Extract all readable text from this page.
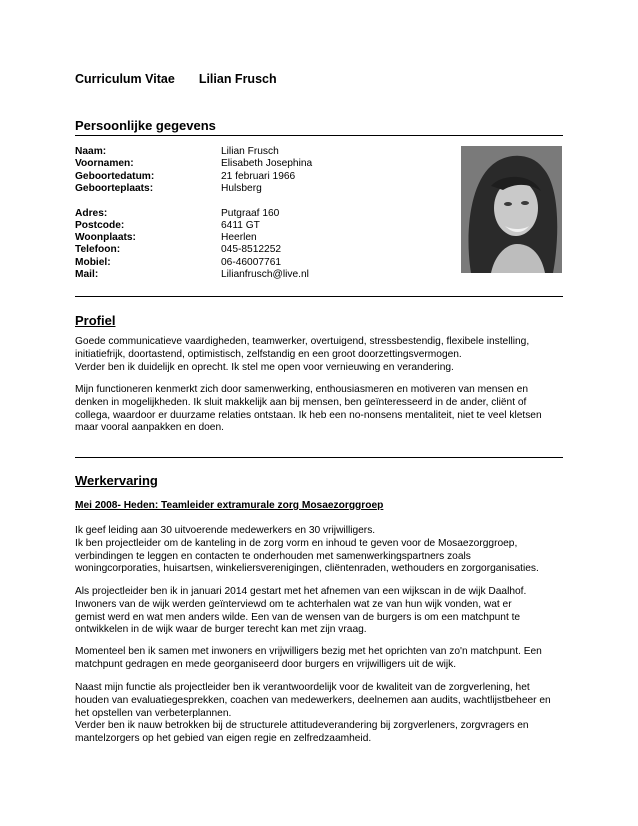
Curriculum Vitae Lilian Frusch
Persoonlijke gegevens
Naam:	Lilian Frusch
Voornamen:	Elisabeth Josephina
Geboortedatum:	21 februari 1966
Geboorteplaats:	Hulsberg
Adres:	Putgraaf 160
Postcode:	6411 GT
Woonplaats:	Heerlen
Telefoon:	045-8512252
Mobiel:	06-46007761
Mail:	Lilianfrusch@live.nl
Profiel
Goede communicatieve vaardigheden, teamwerker, overtuigend, stressbestendig, flexibele instelling,
initiatiefrijk, doortastend, optimistisch, zelfstandig en een groot doorzettingsvermogen.
Verder ben ik duidelijk en oprecht. Ik stel me open voor vernieuwing en verandering.
Mijn functioneren kenmerkt zich door samenwerking, enthousiasmeren en motiveren van mensen en
denken in mogelijkheden. Ik sluit makkelijk aan bij mensen, ben geïnteresseerd in de ander, cliënt of
collega, waardoor er duurzame relaties ontstaan. Ik heb een no-nonsens mentaliteit, niet te veel kletsen
maar vooral aanpakken en doen.
Werkervaring
Mei 2008- Heden: Teamleider extramurale zorg Mosaezorggroep
Ik geef leiding aan 30 uitvoerende medewerkers en 30 vrijwilligers.
Ik ben projectleider om de kanteling in de zorg vorm en inhoud te geven voor de Mosaezorggroep,
verbindingen te leggen en contacten te onderhouden met samenwerkingspartners zoals
woningcorporaties, huisartsen, winkeliersverenigingen, cliëntenraden, wethouders en zorgorganisaties.
Als projectleider ben ik in januari 2014 gestart met het afnemen van een wijkscan in de wijk Daalhof.
Inwoners van de wijk werden geïnterviewd om te achterhalen wat ze van hun wijk vonden, wat er
gemist werd en wat men anders wilde. Een van de wensen van de burgers is om een matchpunt te
ontwikkelen in de wijk waar de burger terecht kan met zijn vraag.
Momenteel ben ik samen met inwoners en vrijwilligers bezig met het oprichten van zo'n matchpunt. Een
matchpunt gedragen en mede georganiseerd door burgers en vrijwilligers uit de wijk.
Naast mijn functie als projectleider ben ik verantwoordelijk voor de kwaliteit van de zorgverlening, het
houden van evaluatiegesprekken, coachen van medewerkers, deelnemen aan audits, wachtlijstbeheer en
het opstellen van verbeterplannen.
Verder ben ik nauw betrokken bij de structurele attitudeverandering bij zorgverleners, zorgvragers en
mantelzorgers op het gebied van eigen regie en zelfredzaamheid.
